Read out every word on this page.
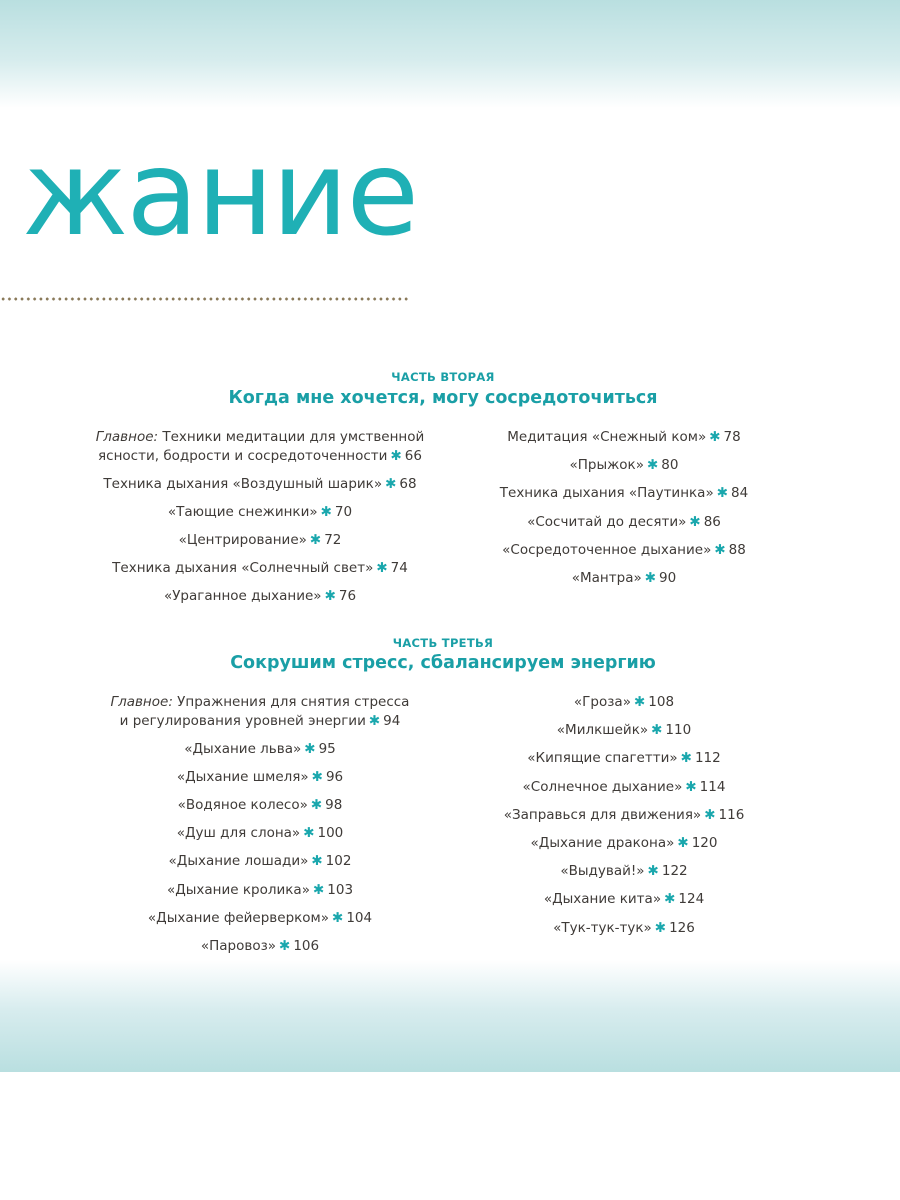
жание
ЧАСТЬ ВТОРАЯ
Когда мне хочется, могу сосредоточиться
Главное: Техники медитации для умственной
ясности, бодрости и сосредоточенности ✱ 66
Техника дыхания «Воздушный шарик» ✱ 68
«Тающие снежинки» ✱ 70
«Центрирование» ✱ 72
Техника дыхания «Солнечный свет» ✱ 74
«Ураганное дыхание» ✱ 76
Медитация «Снежный ком» ✱ 78
«Прыжок» ✱ 80
Техника дыхания «Паутинка» ✱ 84
«Сосчитай до десяти» ✱ 86
«Сосредоточенное дыхание» ✱ 88
«Мантра» ✱ 90
ЧАСТЬ ТРЕТЬЯ
Сокрушим стресс, сбалансируем энергию
Главное: Упражнения для снятия стресса
и регулирования уровней энергии ✱ 94
«Дыхание льва» ✱ 95
«Дыхание шмеля» ✱ 96
«Водяное колесо» ✱ 98
«Душ для слона» ✱ 100
«Дыхание лошади» ✱ 102
«Дыхание кролика» ✱ 103
«Дыхание фейерверком» ✱ 104
«Паровоз» ✱ 106
«Гроза» ✱ 108
«Милкшейк» ✱ 110
«Кипящие спагетти» ✱ 112
«Солнечное дыхание» ✱ 114
«Заправься для движения» ✱ 116
«Дыхание дракона» ✱ 120
«Выдувай!» ✱ 122
«Дыхание кита» ✱ 124
«Тук-тук-тук» ✱ 126
